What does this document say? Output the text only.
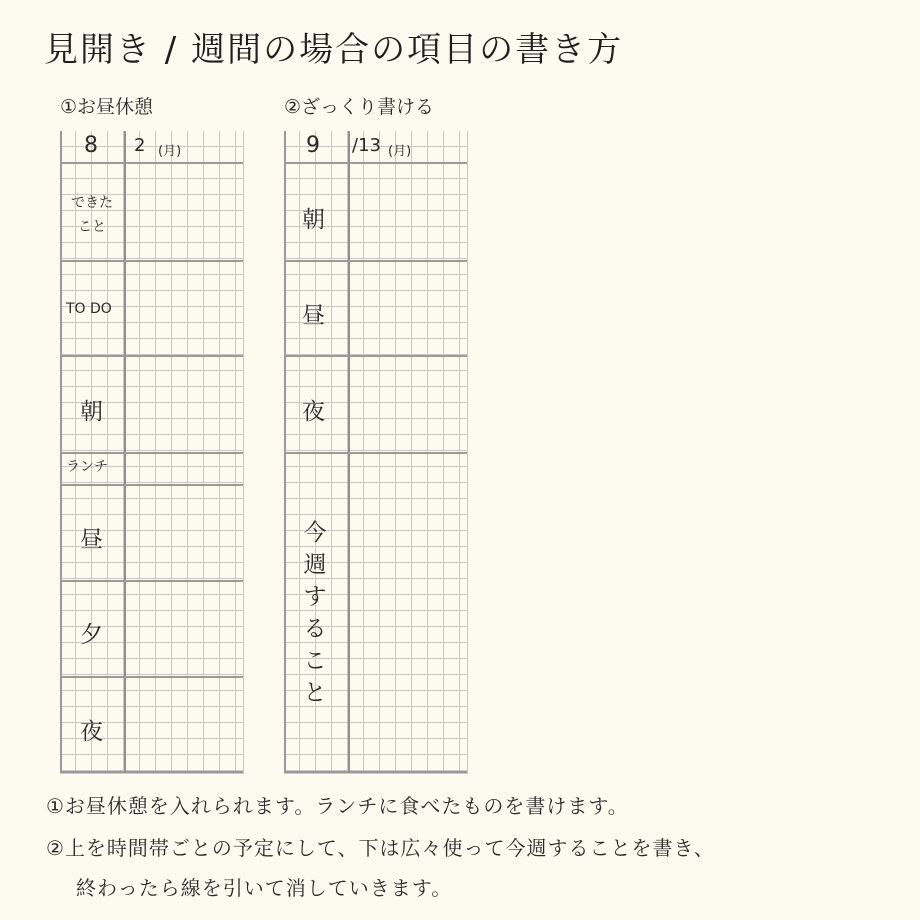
見開き / 週間の場合の項目の書き方
①お昼休憩
8 2 (月)
できた
こと
TO DO
朝
ランチ
昼
夕
夜
②ざっくり書ける
9 /13 (月)
朝
昼
夜
今
週
す
る
こ
と
①お昼休憩を入れられます。ランチに食べたものを書けます。
②上を時間帯ごとの予定にして、下は広々使って今週することを書き、
終わったら線を引いて消していきます。
